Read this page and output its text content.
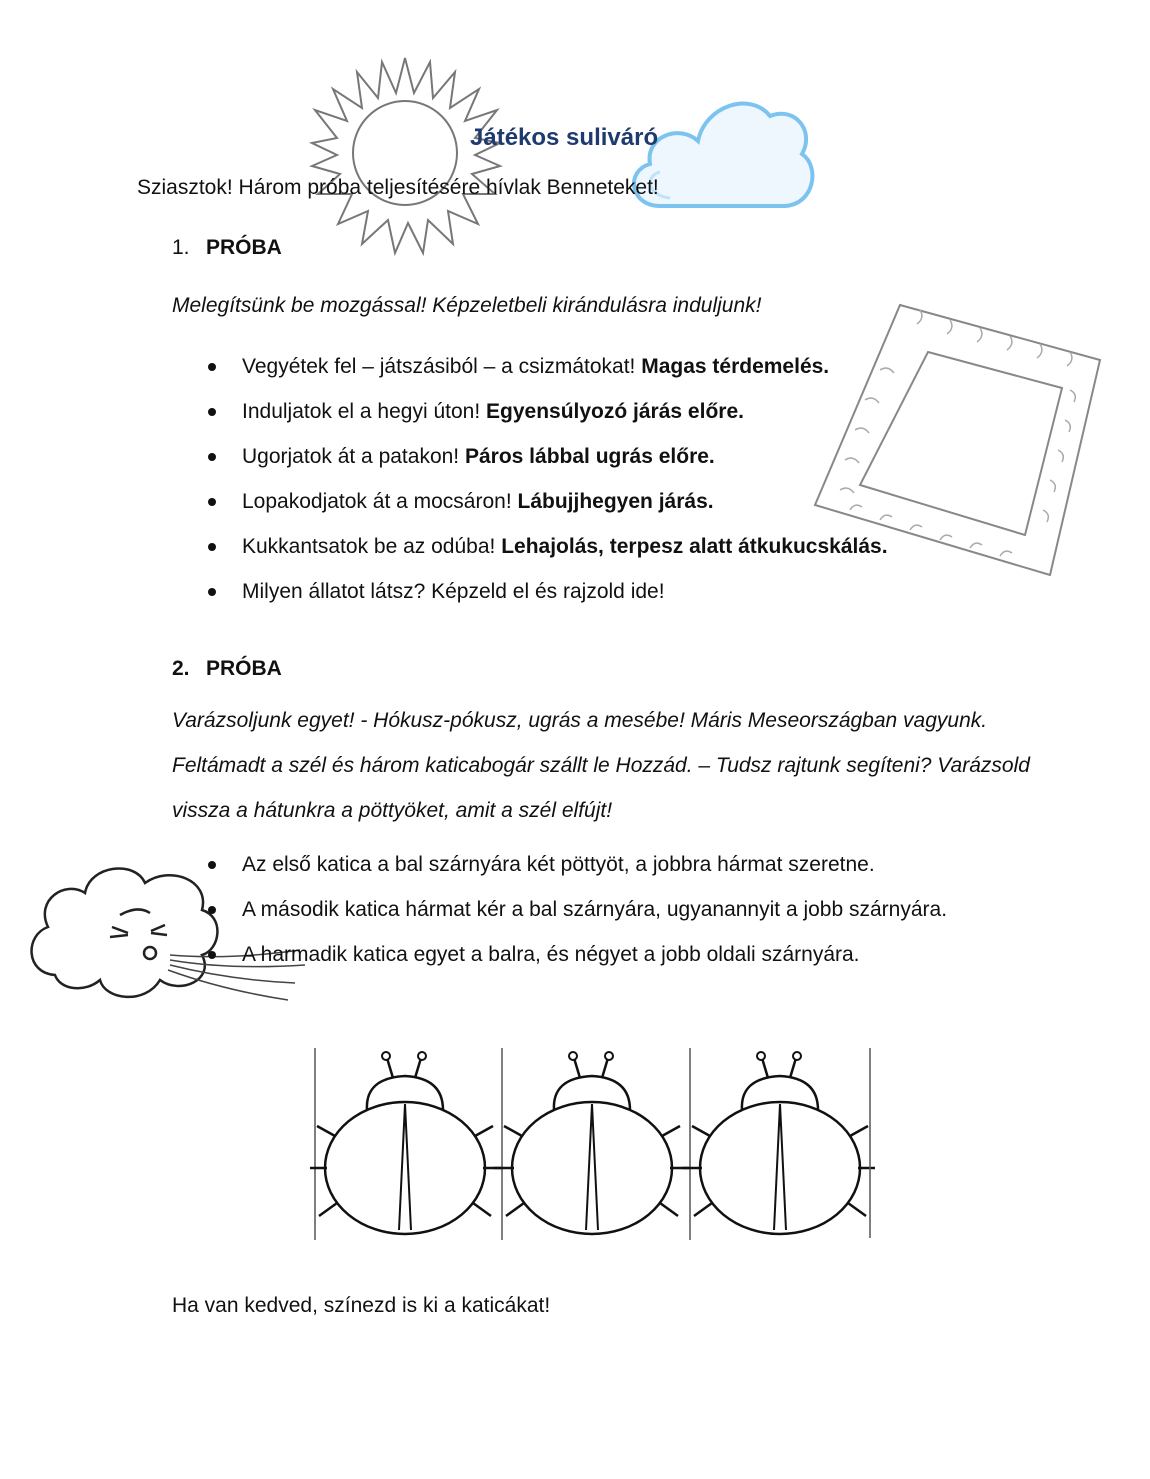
Játékos suliváró
Sziasztok! Három próba teljesítésére hívlak Benneteket!
1. PRÓBA
Melegítsünk be mozgással! Képzeletbeli kirándulásra induljunk!
Vegyétek fel – játszásiból – a csizmátokat! Magas térdemelés.
Induljatok el a hegyi úton! Egyensúlyozó járás előre.
Ugorjatok át a patakon! Páros lábbal ugrás előre.
Lopakodjatok át a mocsáron! Lábujjhegyen járás.
Kukkantsatok be az odúba! Lehajolás, terpesz alatt átkukucskálás.
Milyen állatot látsz? Képzeld el és rajzold ide!
2. PRÓBA
Varázsoljunk egyet! - Hókusz-pókusz, ugrás a mesébe! Máris Meseországban vagyunk. Feltámadt a szél és három katicabogár szállt le Hozzád. – Tudsz rajtunk segíteni? Varázsold vissza a hátunkra a pöttyöket, amit a szél elfújt!
Az első katica a bal szárnyára két pöttyöt, a jobbra hármat szeretne.
A második katica hármat kér a bal szárnyára, ugyanannyit a jobb szárnyára.
A harmadik katica egyet a balra, és négyet a jobb oldali szárnyára.
Ha van kedved, színezd is ki a katicákat!
